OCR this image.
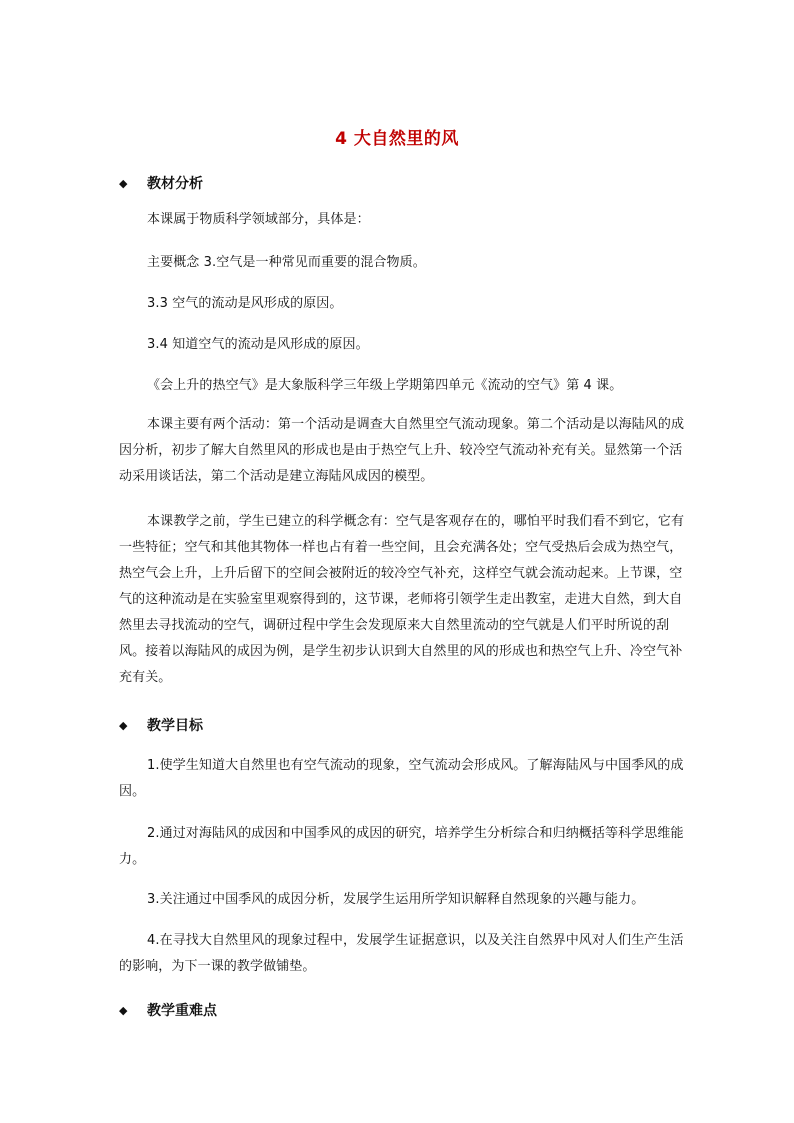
4 大自然里的风
◆	教材分析

本课属于物质科学领域部分，具体是：

主要概念 3.空气是一种常见而重要的混合物质。

3.3 空气的流动是风形成的原因。

3.4 知道空气的流动是风形成的原因。

《会上升的热空气》是大象版科学三年级上学期第四单元《流动的空气》第 4 课。

本课主要有两个活动：第一个活动是调查大自然里空气流动现象。第二个活动是以海陆风的成因分析，初步了解大自然里风的形成也是由于热空气上升、较冷空气流动补充有关。显然第一个活动采用谈话法，第二个活动是建立海陆风成因的模型。

本课教学之前，学生已建立的科学概念有：空气是客观存在的，哪怕平时我们看不到它，它有一些特征；空气和其他其物体一样也占有着一些空间，且会充满各处；空气受热后会成为热空气，热空气会上升，上升后留下的空间会被附近的较冷空气补充，这样空气就会流动起来。上节课，空气的这种流动是在实验室里观察得到的，这节课，老师将引领学生走出教室，走进大自然，到大自然里去寻找流动的空气，调研过程中学生会发现原来大自然里流动的空气就是人们平时所说的刮风。接着以海陆风的成因为例，是学生初步认识到大自然里的风的形成也和热空气上升、冷空气补充有关。

◆	教学目标

1.使学生知道大自然里也有空气流动的现象，空气流动会形成风。了解海陆风与中国季风的成因。

2.通过对海陆风的成因和中国季风的成因的研究，培养学生分析综合和归纳概括等科学思维能力。

3.关注通过中国季风的成因分析，发展学生运用所学知识解释自然现象的兴趣与能力。

4.在寻找大自然里风的现象过程中，发展学生证据意识，以及关注自然界中风对人们生产生活的影响，为下一课的教学做铺垫。

◆	教学重难点
